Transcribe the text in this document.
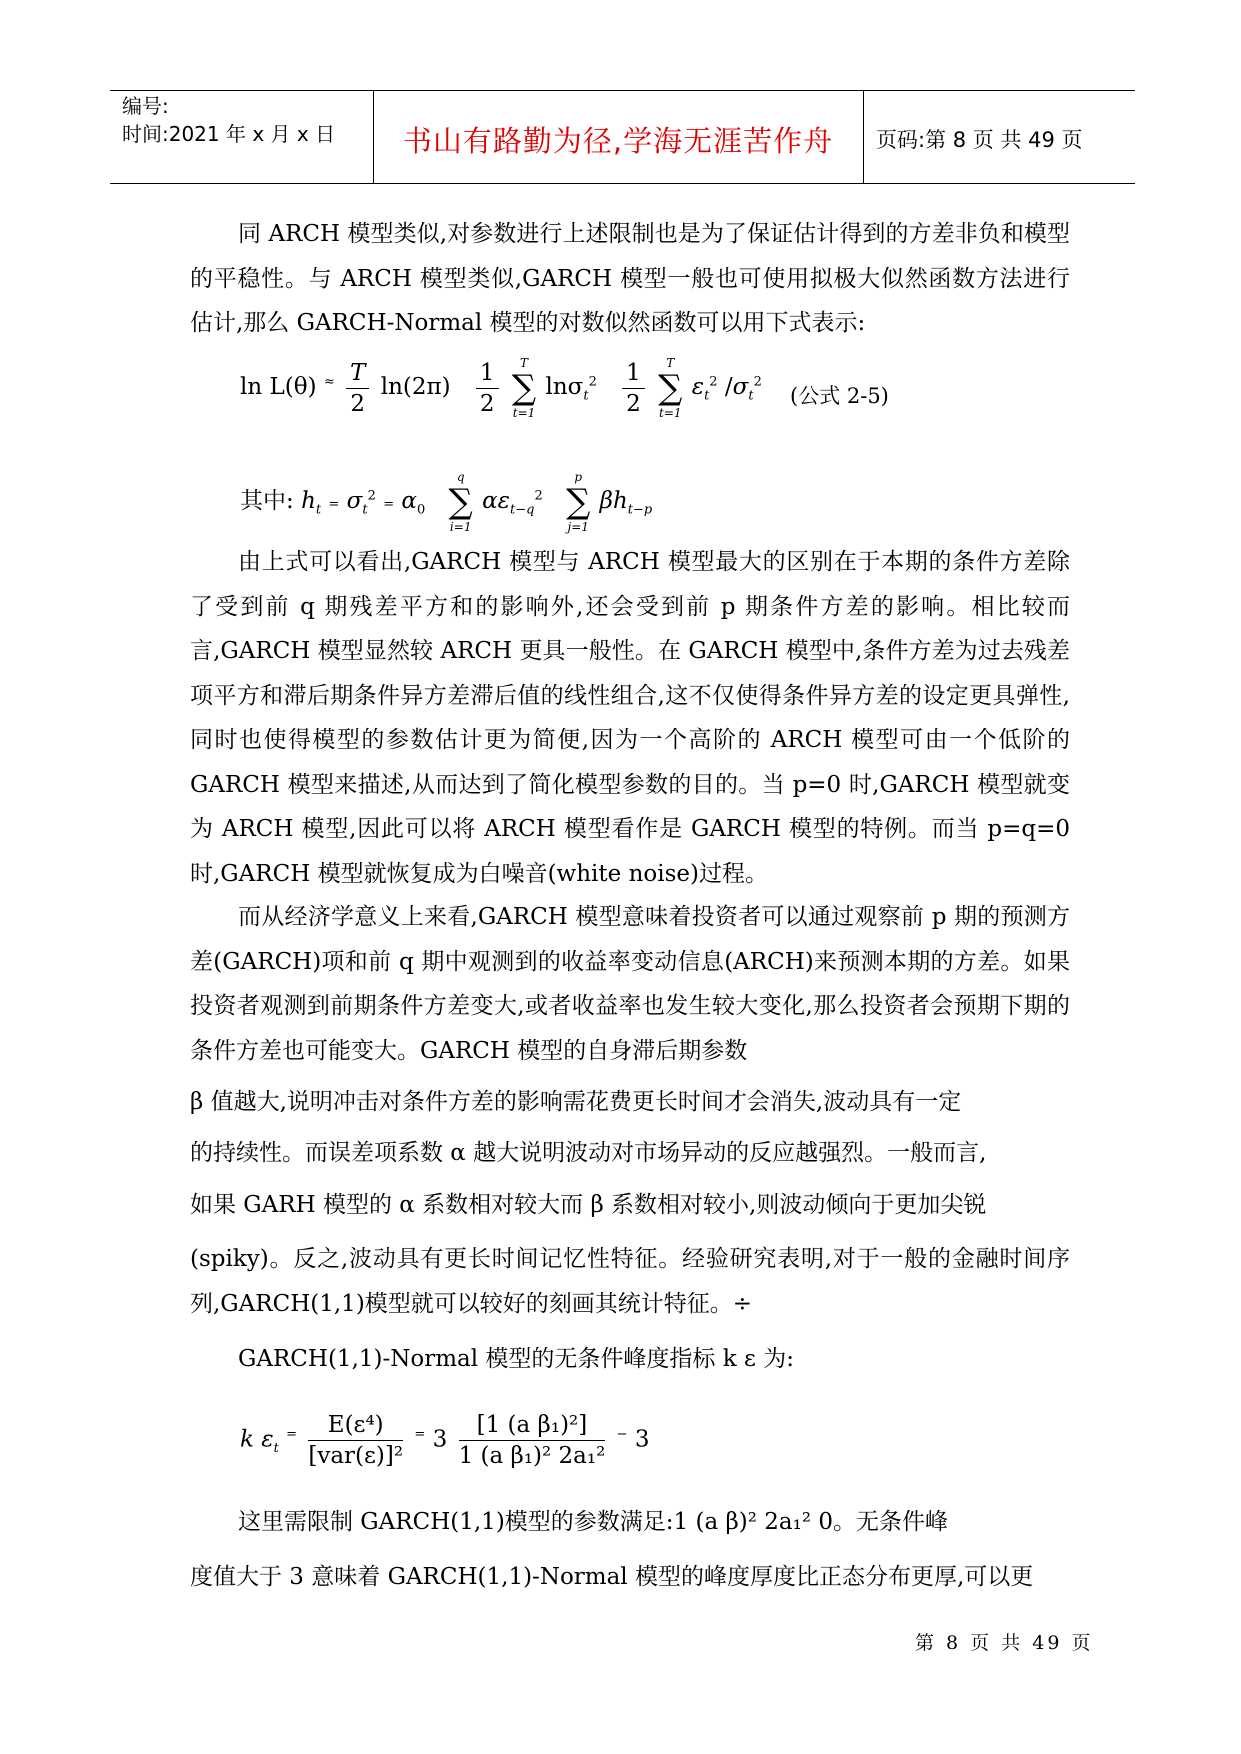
编号:
时间:2021 年 x 月 x 日	书山有路勤为径,学海无涯苦作舟	页码:第 8 页 共 49 页
同 ARCH 模型类似,对参数进行上述限制也是为了保证估计得到的方差非负和模型的平稳性。与 ARCH 模型类似,GARCH 模型一般也可使用拟极大似然函数方法进行估计,那么 GARCH-Normal 模型的对数似然函数可以用下式表示:
ln L(θ) $^\approx \frac{T}{2} \ln(2\pi) \frac{1}{2}$
	T
∑
t=1
$\ln\sigma_t^2 \frac{1}{2}$
	T
∑
t=1
$\varepsilon_t^2$ $/\sigma_t^2$
(公式 2-5)
其中: $h_t = \sigma_t^2 = \alpha_0$
q
∑
i=1
$\alpha\varepsilon_{t-q}^2$
p
∑
j=1
$\beta h_{t-p}$
由上式可以看出,GARCH 模型与 ARCH 模型最大的区别在于本期的条件方差除了受到前 q 期残差平方和的影响外,还会受到前 p 期条件方差的影响。相比较而言,GARCH 模型显然较 ARCH 更具一般性。在 GARCH 模型中,条件方差为过去残差项平方和滞后期条件异方差滞后值的线性组合,这不仅使得条件异方差的设定更具弹性,同时也使得模型的参数估计更为简便,因为一个高阶的 ARCH 模型可由一个低阶的 GARCH 模型来描述,从而达到了简化模型参数的目的。当 p=0 时,GARCH 模型就变为 ARCH 模型,因此可以将 ARCH 模型看作是 GARCH 模型的特例。而当 p=q=0 时,GARCH 模型就恢复成为白噪音(white noise)过程。
而从经济学意义上来看,GARCH 模型意味着投资者可以通过观察前 p 期的预测方差(GARCH)项和前 q 期中观测到的收益率变动信息(ARCH)来预测本期的方差。如果投资者观测到前期条件方差变大,或者收益率也发生较大变化,那么投资者会预期下期的条件方差也可能变大。GARCH 模型的自身滞后期参数
β 值越大,说明冲击对条件方差的影响需花费更长时间才会消失,波动具有一定
的持续性。而误差项系数 α 越大说明波动对市场异动的反应越强烈。一般而言,
如果 GARH 模型的 α 系数相对较大而 β 系数相对较小,则波动倾向于更加尖锐
(spiky)。反之,波动具有更长时间记忆性特征。经验研究表明,对于一般的金融时间序列,GARCH(1,1)模型就可以较好的刻画其统计特征。÷
GARCH(1,1)-Normal 模型的无条件峰度指标 k ε 为:
k $\varepsilon_t$ $^= \frac{\text{E(ε⁴)}}{\text{[var(ε)]²}} ^=$ $3 \frac{\text{[1 (a β₁)²]}}{\text{1 (a β₁)² 2a₁²}} ^-$ 3
这里需限制 GARCH(1,1)模型的参数满足:1 (a β)² 2a₁² 0。无条件峰
度值大于 3 意味着 GARCH(1,1)-Normal 模型的峰度厚度比正态分布更厚,可以更
第 8 页 共 49 页
